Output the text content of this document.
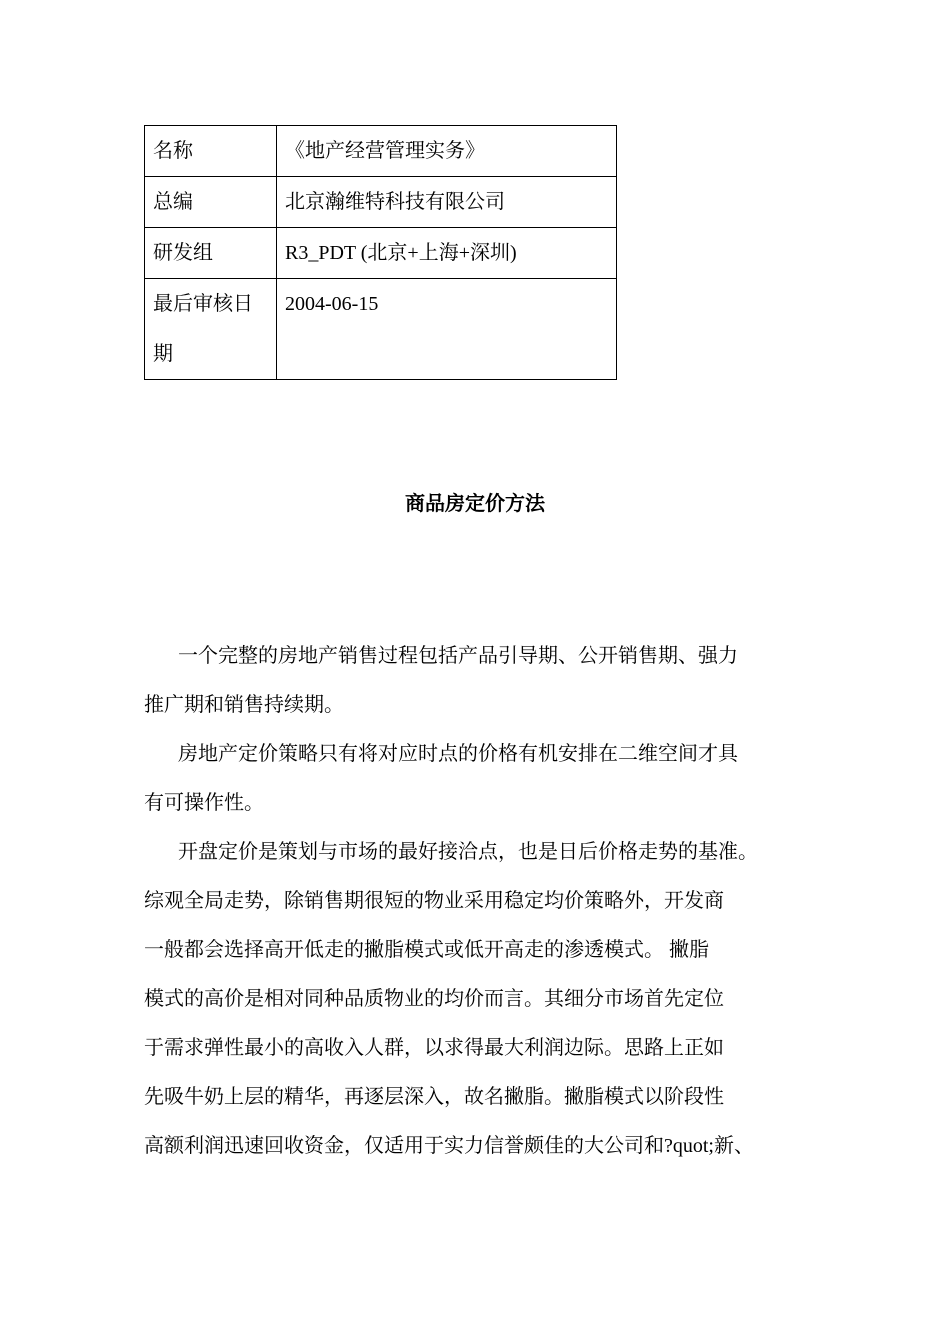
名称	《地产经营管理实务》
总编	北京瀚维特科技有限公司
研发组	R3_PDT (北京+上海+深圳)
最后审核日期	2004-06-15
商品房定价方法

一个完整的房地产销售过程包括产品引导期、公开销售期、强力
推广期和销售持续期。

房地产定价策略只有将对应时点的价格有机安排在二维空间才具
有可操作性。

开盘定价是策划与市场的最好接洽点，也是日后价格走势的基准。
综观全局走势，除销售期很短的物业采用稳定均价策略外，开发商
一般都会选择高开低走的撇脂模式或低开高走的渗透模式。 撇脂
模式的高价是相对同种品质物业的均价而言。其细分市场首先定位
于需求弹性最小的高收入人群，以求得最大利润边际。思路上正如
先吸牛奶上层的精华，再逐层深入，故名撇脂。撇脂模式以阶段性
高额利润迅速回收资金，仅适用于实力信誉颇佳的大公司和?quot;新、
